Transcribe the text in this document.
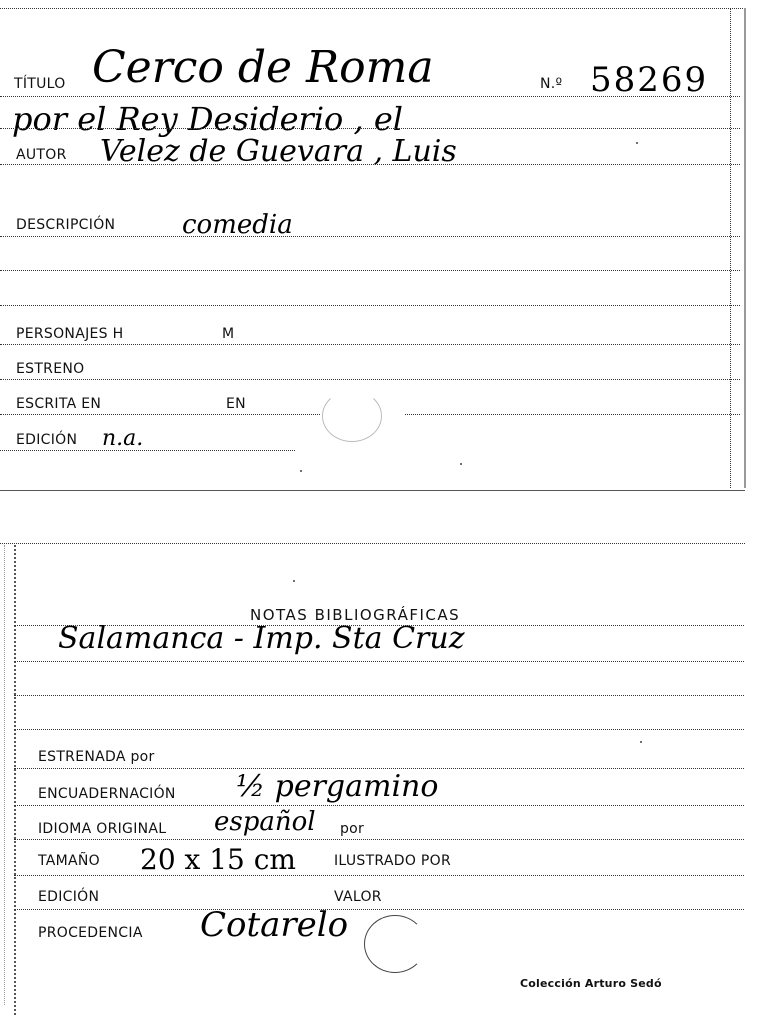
TÍTULO Cerco de Roma	N.º 58269
por el Rey Desiderio , el
AUTOR Velez de Guevara , Luis
DESCRIPCIÓN	comedia
PERSONAJES H	M
ESTRENO
ESCRITA EN	EN
EDICIÓN n.a.
NOTAS BIBLIOGRÁFICAS
Salamanca - Imp. Sta Cruz
ESTRENADA por
ENCUADERNACIÓN ½ pergamino
IDIOMA ORIGINAL español por
TAMAÑO 20 x 15 cm	ILUSTRADO POR
EDICIÓN	VALOR
PROCEDENCIA Cotarelo
Colección Arturo Sedó
